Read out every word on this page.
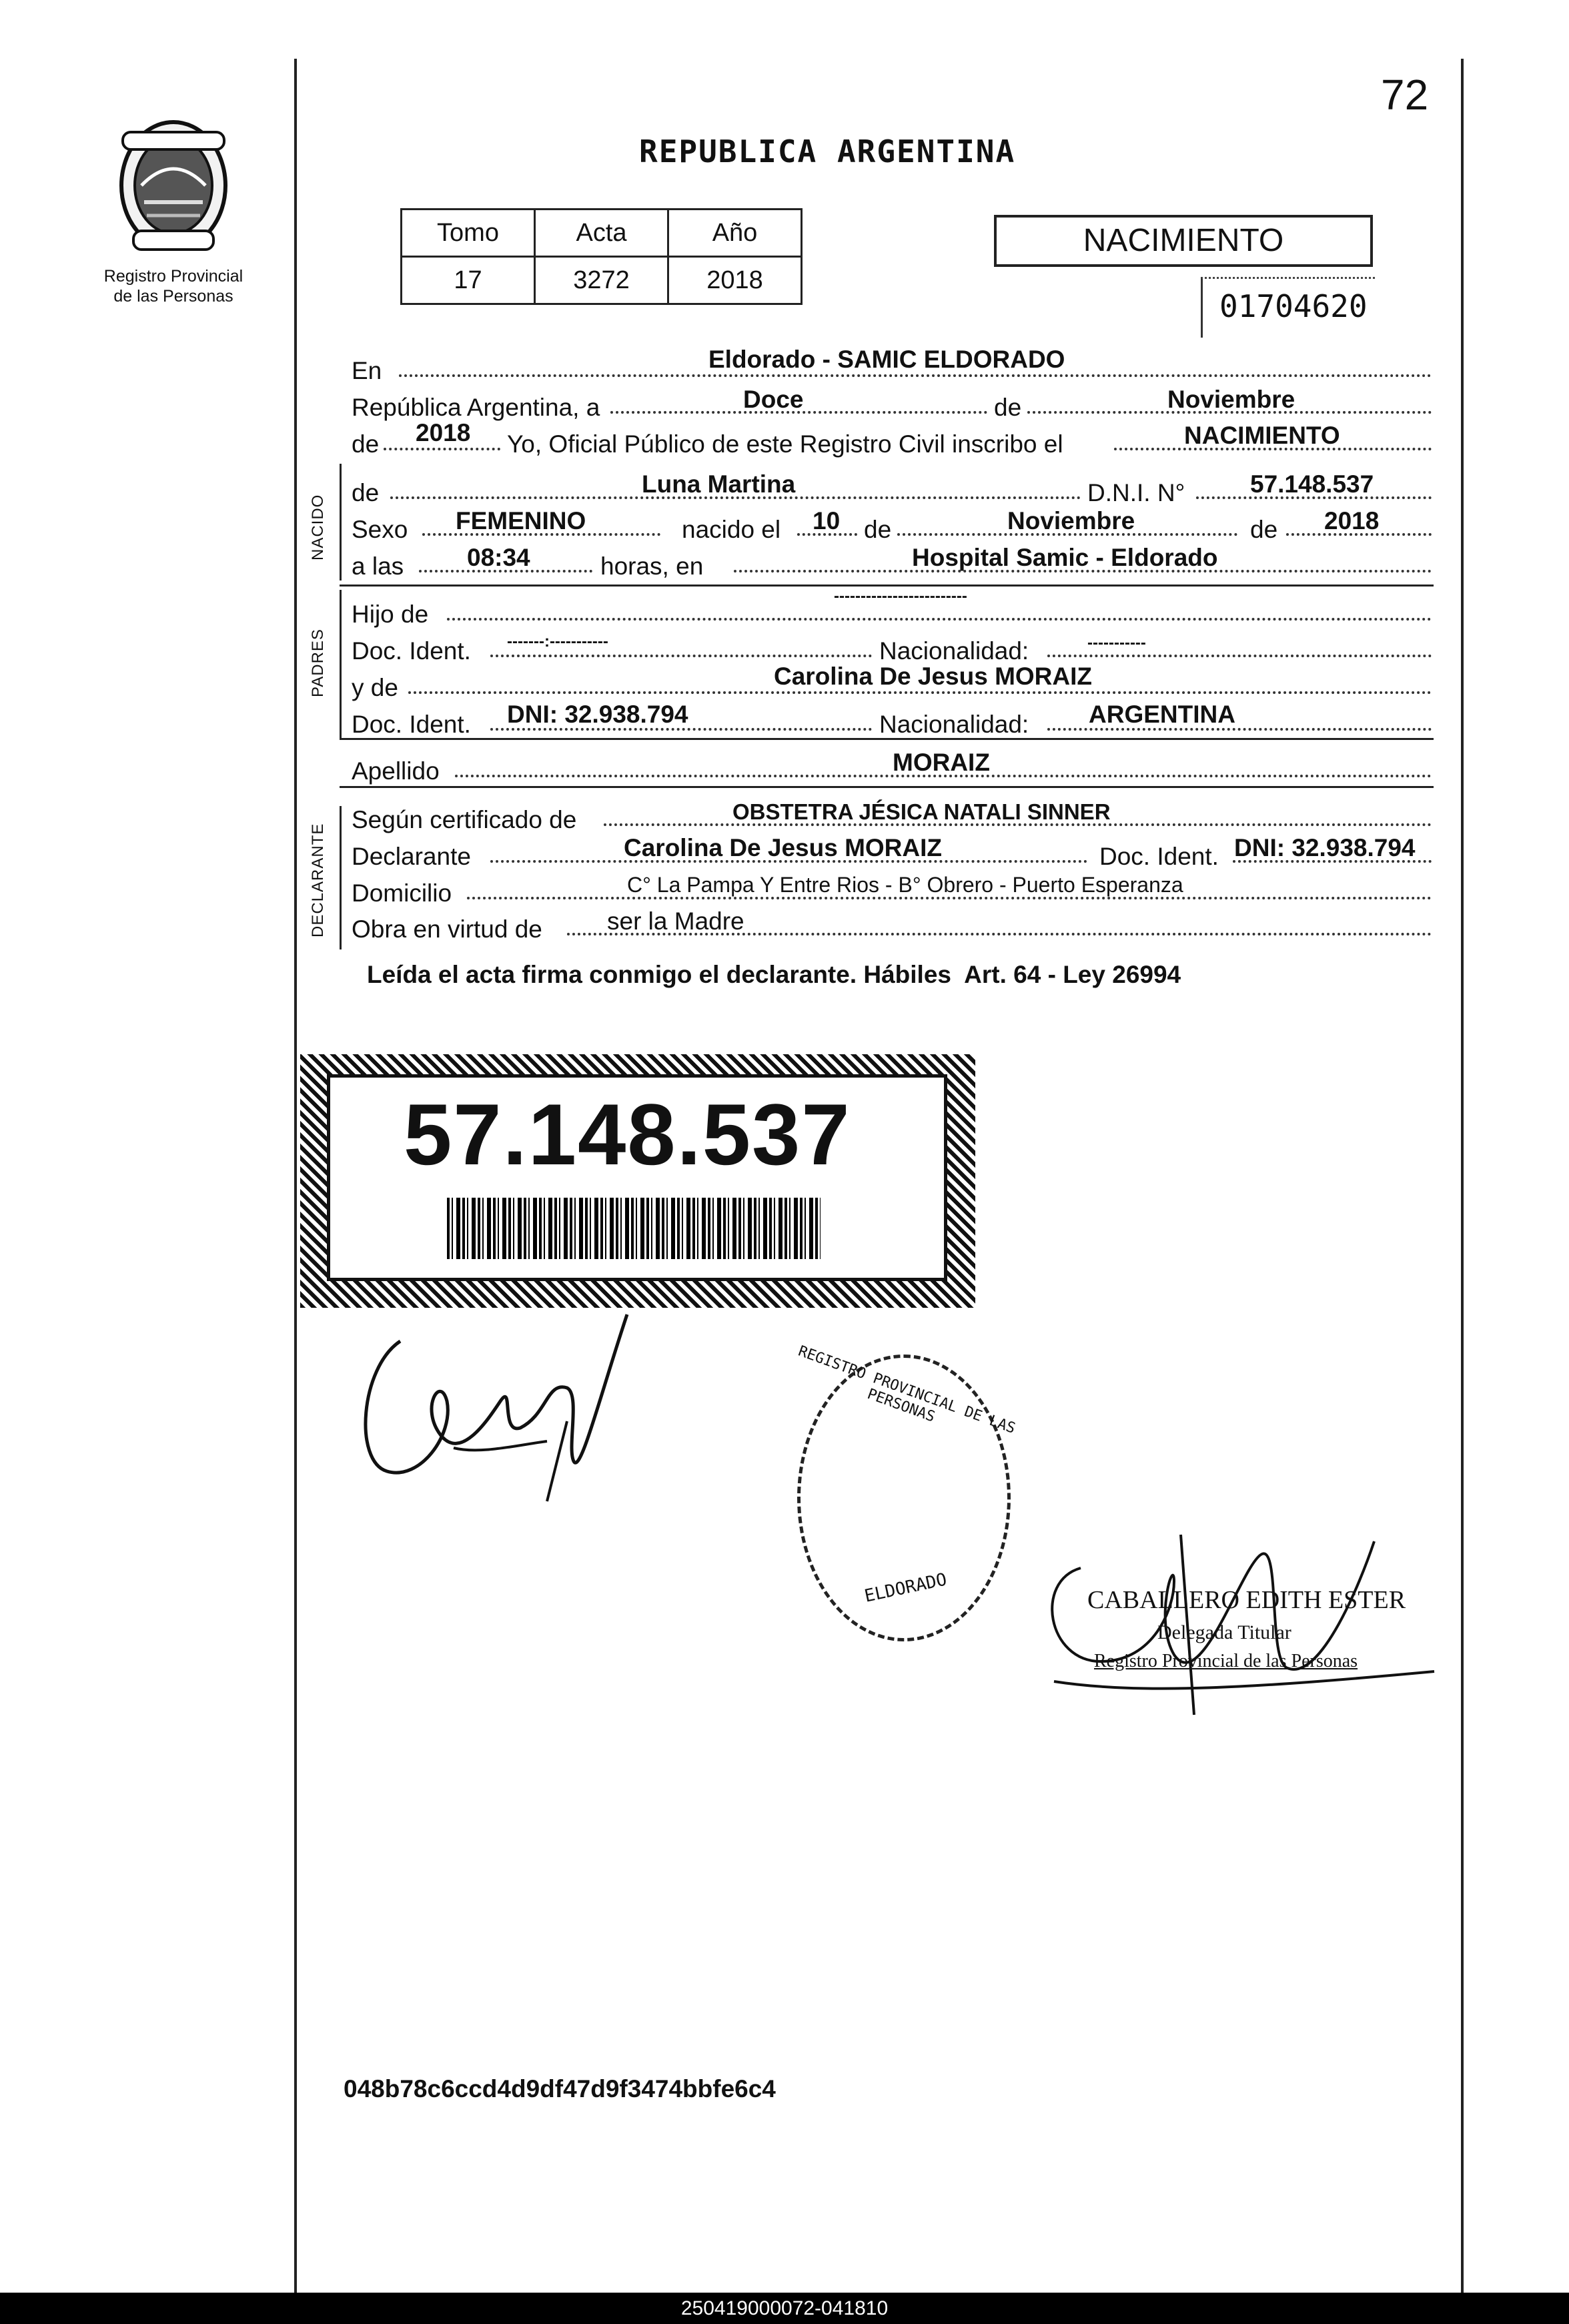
72
Registro Provincial
de las Personas
REPUBLICA ARGENTINA
Tomo	Acta	Año
17	3272	2018
NACIMIENTO
01704620
En	Eldorado - SAMIC ELDORADO
República Argentina, a	Doce	de	Noviembre
de 2018 Yo, Oficial Público de este Registro Civil inscribo el	NACIMIENTO
NACIDO
de	Luna Martina	D.N.I. N°	57.148.537
Sexo FEMENINO	nacido el 10 de	Noviembre	de 2018
a las	08:34	horas, en	Hospital Samic - Eldorado
PADRES
Hijo de
-------------------------
Doc. Ident. -------:-----------	Nacionalidad:	-----------
y de	Carolina De Jesus MORAIZ
Doc. Ident. DNI: 32.938.794	Nacionalidad: ARGENTINA
Apellido	MORAIZ
DECLARANTE
Según certificado de	OBSTETRA JÉSICA NATALI SINNER
Declarante	Carolina De Jesus MORAIZ	Doc. Ident. DNI: 32.938.794
Domicilio	C° La Pampa Y Entre Rios - B° Obrero - Puerto Esperanza
Obra en virtud de	ser la Madre
Leída el acta firma conmigo el declarante. Hábiles  Art. 64 - Ley 26994
57.148.537
REGISTRO PROVINCIAL DE LAS PERSONAS
ELDORADO	CABALLERO EDITH ESTER
Delegada Titular
Registro Provincial de las Personas
048b78c6ccd4d9df47d9f3474bbfe6c4
250419000072-041810
